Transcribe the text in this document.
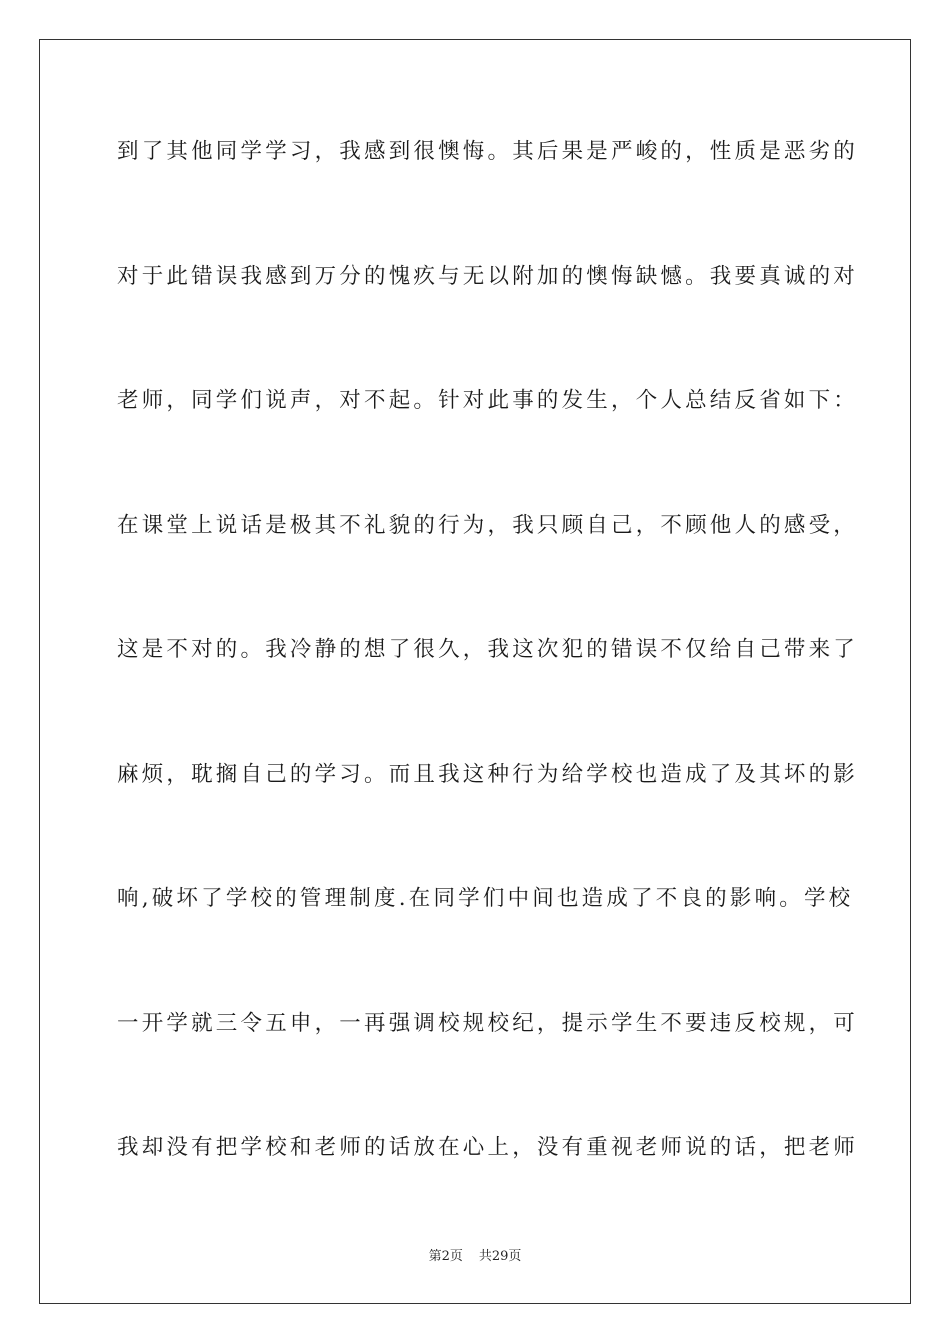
到了其他同学学习，我感到很懊悔。其后果是严峻的，性质是恶劣的
对于此错误我感到万分的愧疚与无以附加的懊悔缺憾。我要真诚的对
老师，同学们说声，对不起。针对此事的发生，个人总结反省如下：
在课堂上说话是极其不礼貌的行为，我只顾自己，不顾他人的感受，
这是不对的。我冷静的想了很久，我这次犯的错误不仅给自己带来了
麻烦，耽搁自己的学习。而且我这种行为给学校也造成了及其坏的影
响,破坏了学校的管理制度.在同学们中间也造成了不良的影响。学校
一开学就三令五申，一再强调校规校纪，提示学生不要违反校规，可
我却没有把学校和老师的话放在心上，没有重视老师说的话，把老师
第2页 共29页
